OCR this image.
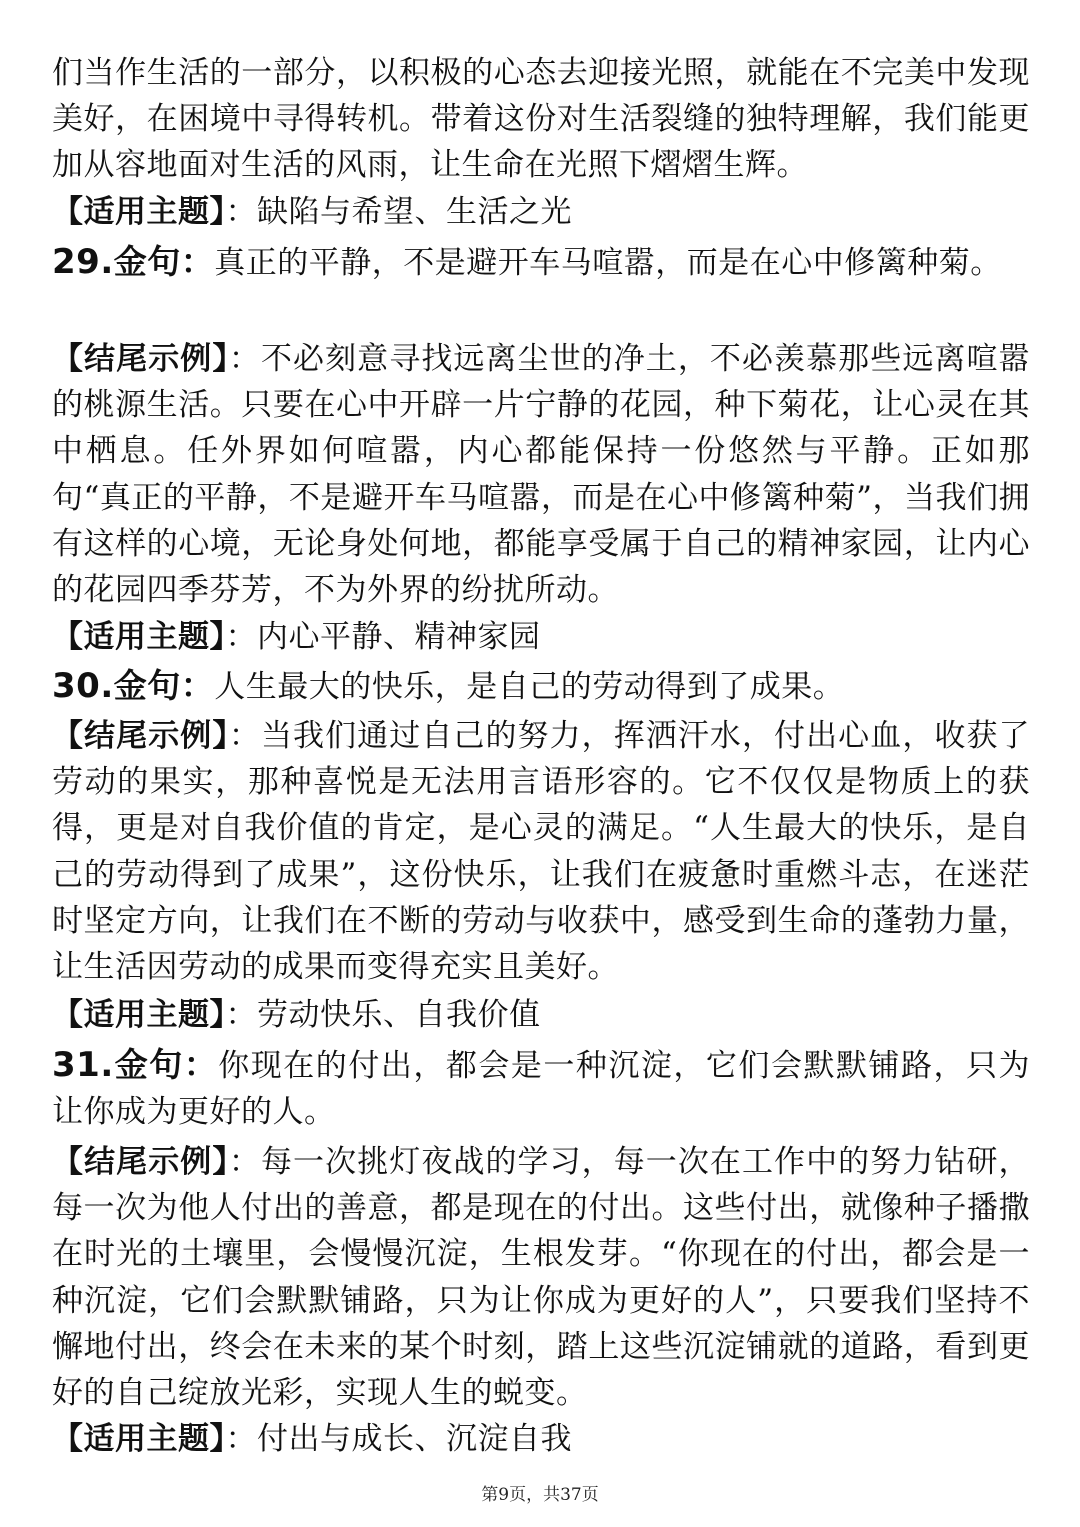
们当作生活的一部分，以积极的心态去迎接光照，就能在不完美中发现美好，在困境中寻得转机。带着这份对生活裂缝的独特理解，我们能更加从容地面对生活的风雨，让生命在光照下熠熠生辉。
【适用主题】：缺陷与希望、生活之光
29.金句：真正的平静，不是避开车马喧嚣，而是在心中修篱种菊。
【结尾示例】：不必刻意寻找远离尘世的净土，不必羡慕那些远离喧嚣的桃源生活。只要在心中开辟一片宁静的花园，种下菊花，让心灵在其中栖息。任外界如何喧嚣，内心都能保持一份悠然与平静。正如那句“真正的平静，不是避开车马喧嚣，而是在心中修篱种菊”，当我们拥有这样的心境，无论身处何地，都能享受属于自己的精神家园，让内心的花园四季芬芳，不为外界的纷扰所动。
【适用主题】：内心平静、精神家园
30.金句：人生最大的快乐，是自己的劳动得到了成果。
【结尾示例】：当我们通过自己的努力，挥洒汗水，付出心血，收获了劳动的果实，那种喜悦是无法用言语形容的。它不仅仅是物质上的获得，更是对自我价值的肯定，是心灵的满足。“人生最大的快乐，是自己的劳动得到了成果”，这份快乐，让我们在疲惫时重燃斗志，在迷茫时坚定方向，让我们在不断的劳动与收获中，感受到生命的蓬勃力量，让生活因劳动的成果而变得充实且美好。
【适用主题】：劳动快乐、自我价值
31.金句：你现在的付出，都会是一种沉淀，它们会默默铺路，只为让你成为更好的人。
【结尾示例】：每一次挑灯夜战的学习，每一次在工作中的努力钻研，每一次为他人付出的善意，都是现在的付出。这些付出，就像种子播撒在时光的土壤里，会慢慢沉淀，生根发芽。“你现在的付出，都会是一种沉淀，它们会默默铺路，只为让你成为更好的人”，只要我们坚持不懈地付出，终会在未来的某个时刻，踏上这些沉淀铺就的道路，看到更好的自己绽放光彩，实现人生的蜕变。
【适用主题】：付出与成长、沉淀自我
第9页，共37页
